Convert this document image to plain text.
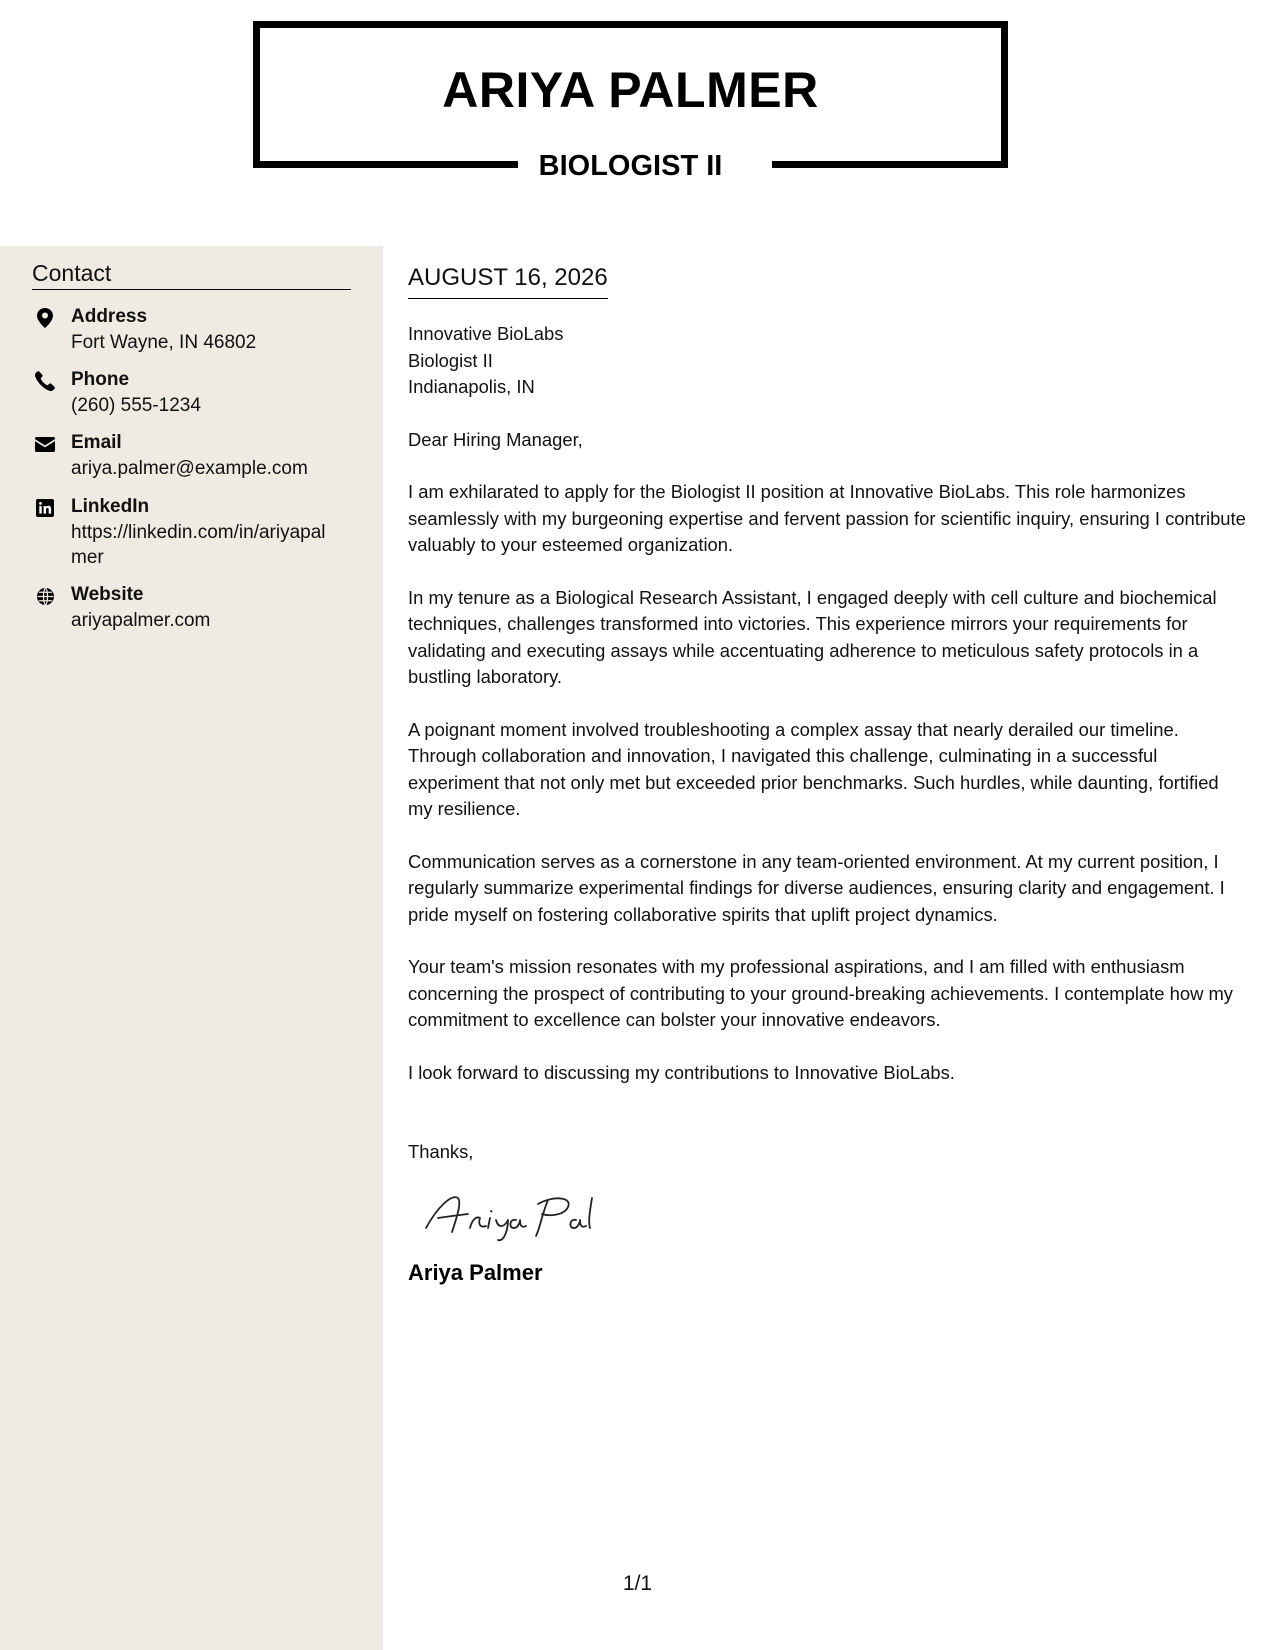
ARIYA PALMER
BIOLOGIST II
Contact
Address
Fort Wayne, IN 46802
Phone
(260) 555-1234
Email
ariya.palmer@example.com
LinkedIn
https://linkedin.com/in/ariyapalmer
Website
ariyapalmer.com
AUGUST 16, 2026
Innovative BioLabs
Biologist II
Indianapolis, IN
Dear Hiring Manager,

I am exhilarated to apply for the Biologist II position at Innovative BioLabs. This role harmonizes seamlessly with my burgeoning expertise and fervent passion for scientific inquiry, ensuring I contribute valuably to your esteemed organization.

In my tenure as a Biological Research Assistant, I engaged deeply with cell culture and biochemical techniques, challenges transformed into victories. This experience mirrors your requirements for validating and executing assays while accentuating adherence to meticulous safety protocols in a bustling laboratory.

A poignant moment involved troubleshooting a complex assay that nearly derailed our timeline. Through collaboration and innovation, I navigated this challenge, culminating in a successful experiment that not only met but exceeded prior benchmarks. Such hurdles, while daunting, fortified my resilience.

Communication serves as a cornerstone in any team-oriented environment. At my current position, I regularly summarize experimental findings for diverse audiences, ensuring clarity and engagement. I pride myself on fostering collaborative spirits that uplift project dynamics.

Your team's mission resonates with my professional aspirations, and I am filled with enthusiasm concerning the prospect of contributing to your ground-breaking achievements. I contemplate how my commitment to excellence can bolster your innovative endeavors.

I look forward to discussing my contributions to Innovative BioLabs.

Thanks,
Ariya Palmer
1/1
